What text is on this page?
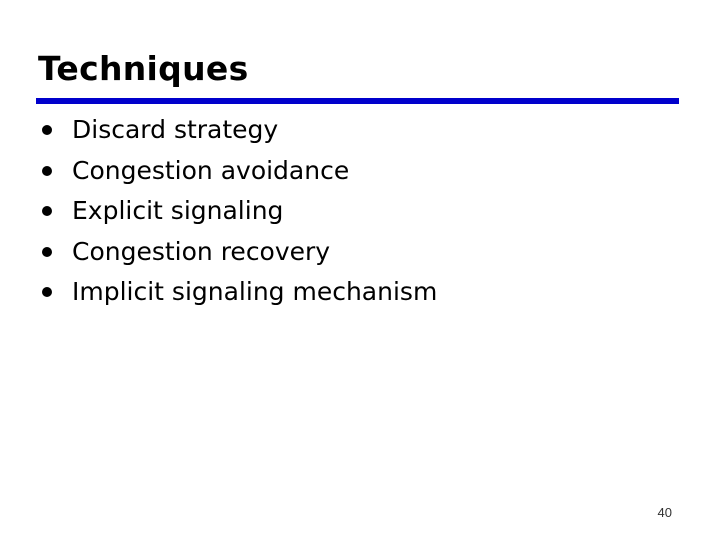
Techniques
Discard strategy
Congestion avoidance
Explicit signaling
Congestion recovery
Implicit signaling mechanism
40
